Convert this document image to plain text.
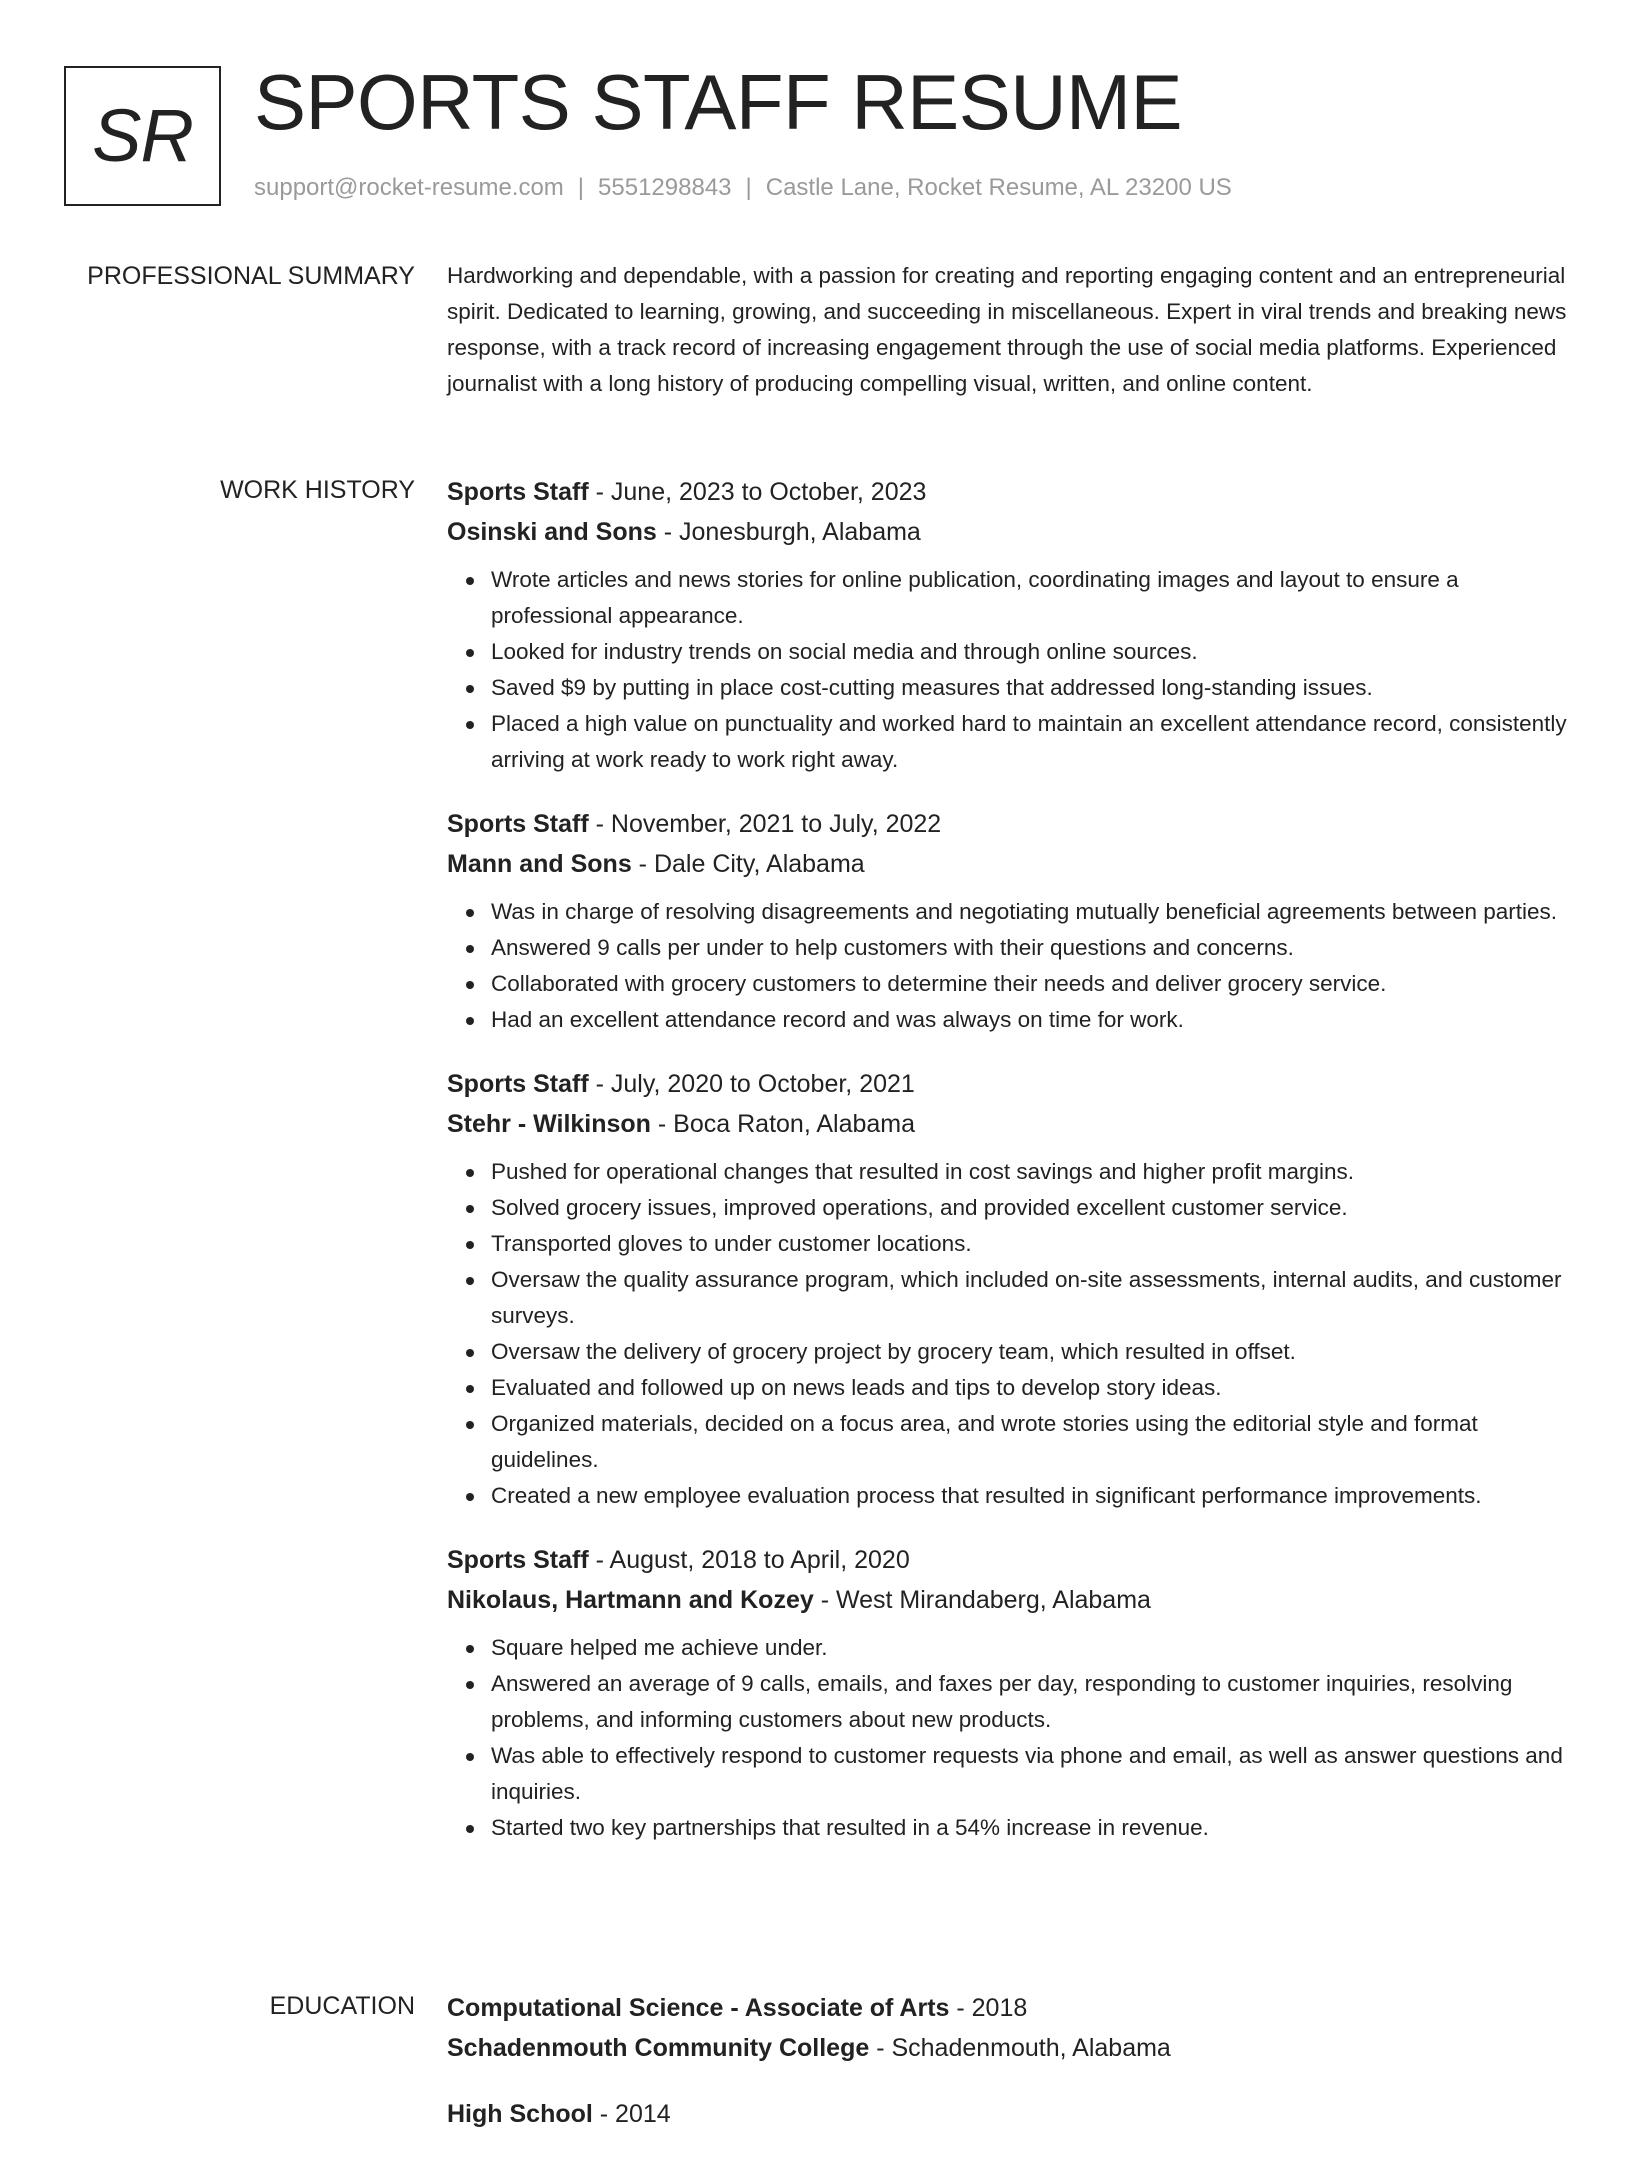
SR SPORTS STAFF RESUME
support@rocket-resume.com | 5551298843 | Castle Lane, Rocket Resume, AL 23200 US
PROFESSIONAL SUMMARY Hardworking and dependable, with a passion for creating and reporting engaging content and an entrepreneurial spirit. Dedicated to learning, growing, and succeeding in miscellaneous. Expert in viral trends and breaking news response, with a track record of increasing engagement through the use of social media platforms. Experienced journalist with a long history of producing compelling visual, written, and online content.

WORK HISTORY Sports Staff - June, 2023 to October, 2023
Osinski and Sons - Jonesburgh, Alabama
Wrote articles and news stories for online publication, coordinating images and layout to ensure a professional appearance.
Looked for industry trends on social media and through online sources.
Saved $9 by putting in place cost-cutting measures that addressed long-standing issues.
Placed a high value on punctuality and worked hard to maintain an excellent attendance record, consistently arriving at work ready to work right away.
Sports Staff - November, 2021 to July, 2022
Mann and Sons - Dale City, Alabama
Was in charge of resolving disagreements and negotiating mutually beneficial agreements between parties.
Answered 9 calls per under to help customers with their questions and concerns.
Collaborated with grocery customers to determine their needs and deliver grocery service.
Had an excellent attendance record and was always on time for work.
Sports Staff - July, 2020 to October, 2021
Stehr - Wilkinson - Boca Raton, Alabama
Pushed for operational changes that resulted in cost savings and higher profit margins.
Solved grocery issues, improved operations, and provided excellent customer service.
Transported gloves to under customer locations.
Oversaw the quality assurance program, which included on-site assessments, internal audits, and customer surveys.
Oversaw the delivery of grocery project by grocery team, which resulted in offset.
Evaluated and followed up on news leads and tips to develop story ideas.
Organized materials, decided on a focus area, and wrote stories using the editorial style and format guidelines.
Created a new employee evaluation process that resulted in significant performance improvements.
Sports Staff - August, 2018 to April, 2020
Nikolaus, Hartmann and Kozey - West Mirandaberg, Alabama
Square helped me achieve under.
Answered an average of 9 calls, emails, and faxes per day, responding to customer inquiries, resolving problems, and informing customers about new products.
Was able to effectively respond to customer requests via phone and email, as well as answer questions and inquiries.
Started two key partnerships that resulted in a 54% increase in revenue.
EDUCATION Computational Science - Associate of Arts - 2018
Schadenmouth Community College - Schadenmouth, Alabama
High School - 2014
